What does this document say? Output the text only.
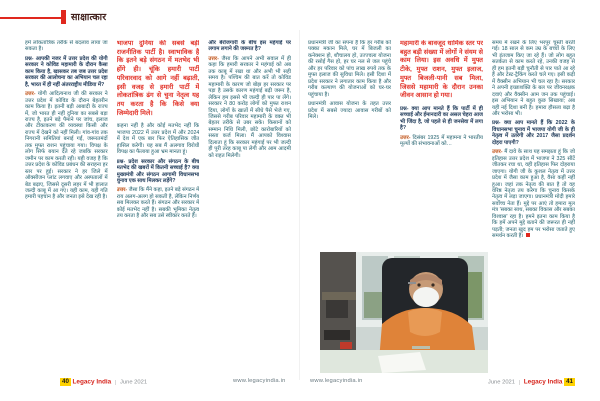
साक्षात्कार

हमें लोकतांत्रिक तरीके से बदलाव लाया जा सकता है।

प्रश्न- आपकी नजर में उत्तर प्रदेश की योगी सरकार ने कोविड महामारी के दौरान कैसा काम किया है, खासकर तब जब उत्तर प्रदेश सरकार की आलोचना का अभियान चल रहा है, भारत में ही नहीं अंतरराष्ट्रीय मीडिया में?

उत्तर- योगी आदित्यनाथ जी की सरकार ने उत्तर प्रदेश में कोविड के दौरान बेहतरीन काम किया है। इतनी बड़ी आबादी के राज्य में, जो भारत ही नहीं दुनिया का सबसे बड़ा राज्य है, इतने बड़े पैमाने पर जांच, इलाज और टीकाकरण की व्यवस्था किसी और राज्य में देखने को नहीं मिली। गांव-गांव तक निगरानी समितियां बनाई गईं, जरूरतमंदों तक मुफ्त राशन पहुंचाया गया। विपक्ष के लोग सिर्फ बयान देते रहे जबकि सरकार जमीन पर काम करती रही। यही वजह है कि उत्तर प्रदेश के कोविड प्रबंधन की सराहना हर स्तर पर हुई। सरकार ने हर जिले में ऑक्सीजन प्लांट लगवाए और अस्पतालों में बेड बढ़ाए, जिससे दूसरी लहर में भी हालात जल्दी काबू में आ गए। यही काम, यही गति हमारी पहचान है और जनता इसे देख रही है।

भाजपा दुनिया की सबसे बड़ी राजनीतिक पार्टी है। स्वाभाविक है कि इतने बड़े संगठन में मतभेद भी होंगे ही। चूंकि हमारी पार्टी परिवारवाद को आगे नहीं बढ़ाती, इसी वजह से हमारी पार्टी में लोकतांत्रिक ढंग से चुना नेतृत्व यह तय करता है कि किसे क्या जिम्मेदारी मिले।

कहना नहीं है और कोई मतभेद नहीं कि भाजपा 2022 में उत्तर प्रदेश में और 2024 में देश में एक बार फिर ऐतिहासिक जीत हासिल करेगी। यह सब मैं अलगाव विरोधी विपक्ष का फैलाया हुआ भ्रम मानता हूं।

प्रश्न- प्रदेश सरकार और संगठन के बीच मतभेद की खबरों में कितनी सच्चाई है? क्या मुख्यमंत्री और संगठन आगामी विधानसभा चुनाव एक साथ मिलकर लड़ेंगे?

उत्तर- जैसा कि मैंने कहा, इतने बड़े संगठन में राय अलग-अलग हो सकती है, लेकिन निर्णय सब मिलकर करते हैं। संगठन और सरकार में कोई मतभेद नहीं है। सबकी भूमिका नेतृत्व तय करता है और सब उसे स्वीकार करते हैं।

और बेरोजगारी के बीच इस महंगाई पर लगाम लगाने की जरूरत है?

उत्तर- जैसा कि आपने अभी सवाल में ही कहा कि हमारी सरकार ने महंगाई को अब तक काबू में रखा था और अभी भी सही समय है। पश्चिम की बात करें तो कोविड महामारी के कारण जो बोझ हर सरकार पर पड़ा है उसके कारण महंगाई बढ़ी जरूर है, लेकिन हम इससे भी जल्दी ही पार पा लेंगे। सरकार ने 80 करोड़ लोगों को मुफ्त राशन दिया, लोगों के खातों में सीधे पैसे भेजे गए, जिससे गरीब परिवार महामारी के वक्त भी बेहतर तरीके से उबर सके। किसानों को सम्मान निधि मिली, छोटे कारोबारियों को सस्ता कर्ज मिला। मैं आपको विश्वास दिलाता हूं कि सरकार महंगाई पर भी जल्दी ही पूरी तरह काबू पा लेगी और आम आदमी को राहत मिलेगी।

प्रधानमंत्री जी का सपना है कि हर गरीब को पक्का मकान मिले, घर में बिजली का कनेक्शन हो, शौचालय हो, उज्ज्वला योजना की रसोई गैस हो, हर घर नल से जल पहुंचे और हर परिवार को पांच लाख रुपये तक के मुफ्त इलाज की सुविधा मिले। इसी दिशा में प्रदेश सरकार ने लगातार काम किया है और गरीब कल्याण की योजनाओं को घर-घर पहुंचाया है।

प्रधानमंत्री आवास योजना के तहत उत्तर प्रदेश में सबसे ज्यादा आवास गरीबों को मिले।

महामारी के बावजूद धार्मिक स्तर पर बहुत बड़ी संख्या में लोगों ने संयम से काम लिया। इस अवधि में मुफ्त टीके, मुफ्त राशन, मुफ्त इलाज, मुफ्त बिजली-पानी सब मिला, जिससे महामारी के दौरान उनका जीवन आसान हो गया।

प्रश्न- क्या आप मानते हैं कि पार्टी में ही सच्चाई और ईमानदारी का असल चेहरा आज भी जिंदा है, जो पहले से ही जनसेवा में लगा है?

उत्तर- दिसंबर 1925 में महामना ने भारतीय मूल्यों की संभावनाओं को…

समय में रखने के लिए भरपूर चुस्ती बरती गई। 18 साल से कम उम्र के बच्चों के लिए भी इंतजाम किए जा रहे हैं। जो लोग बहुत सतर्कता से काम करते रहे, उनकी वजह से ही हम इतनी बड़ी चुनौती से पार पाते आ रहे हैं और टेस्ट-ट्रैकिंग करते चले गए। इसी कड़ी में वैक्सीन अभियान भी चल रहा है। सरकार ने अपनी इच्छाशक्ति के बल पर जीवनरक्षक दवाएं और वैक्सीन आम जन तक पहुंचाई। इस अभियान ने बहुत कुछ सिखाया; अब यही नई दिशा बनी है। हमारा हौसला बढ़ा है और भरोसा भी।

प्रश्न- क्या आप मानते हैं कि 2022 के विधानसभा चुनाव में भाजपा योगी जी के ही नेतृत्व में उतरेगी और 2017 जैसा प्रदर्शन दोहरा पाएगी?

उत्तर- मैं दावे के साथ यह समझता हूं कि जो इतिहास उत्तर प्रदेश में भाजपा ने 325 सीटें जीतकर रचा था, वही इतिहास फिर दोहराया जाएगा। योगी जी के कुशल नेतृत्व में उत्तर प्रदेश में जैसा काम हुआ है, वैसा कहीं नहीं हुआ। जहां तक नेतृत्व की बात है तो वह वरिष्ठ नेतृत्व तय करेगा कि चुनाव किसके नेतृत्व में लड़ा जाएगा। प्रधानमंत्री मोदी हमारे सर्वोच्च नेता हैं। मुद्दे पर आएं तो हमारा मूल मंत्र 'सबका साथ, सबका विकास और सबका विश्वास' रहा है। हमने इतना काम किया है कि हमें अपने मुद्दे बताने की जरूरत ही नहीं पड़ती; जनता खुद हम पर भरोसा जताते हुए समर्थन करती है।

40 Legacy India | June 2021	www.legacyindia.in	www.legacyindia.in	June 2021 | Legacy India 41
